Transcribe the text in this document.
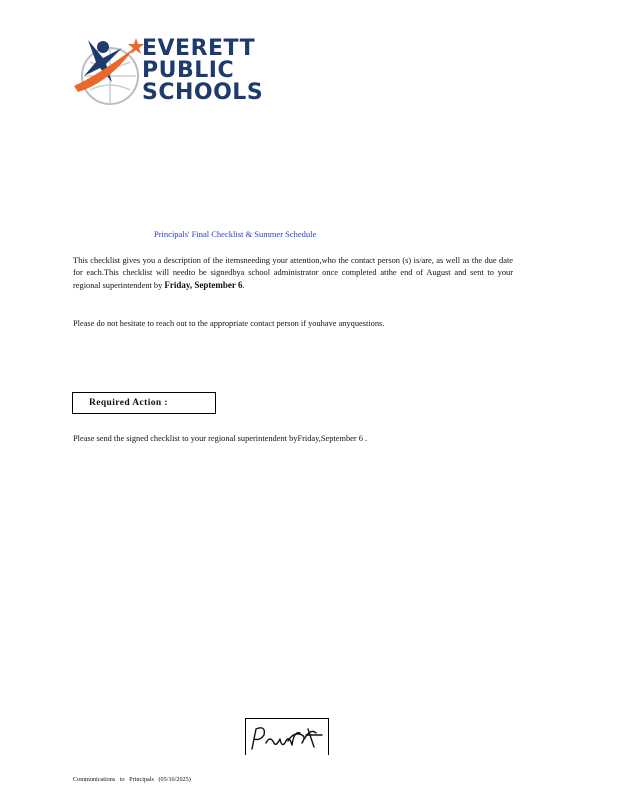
EVERETT
PUBLIC
SCHOOLS
Principals' Final Checklist & Summer Schedule
This checklist gives you a description of the itemsneeding your attention,who the contact person (s) is/are, as well as the due date for each.This checklist will needto be signedbya school administrator once completed atthe end of August and sent to your regional superintendent by Friday, September 6.
Please do not hesitate to reach out to the appropriate contact person if youhave anyquestions.
Required Action :
Please send the signed checklist to your regional superintendent byFriday,September 6 .
Communications to Principals (05/16/2025)
